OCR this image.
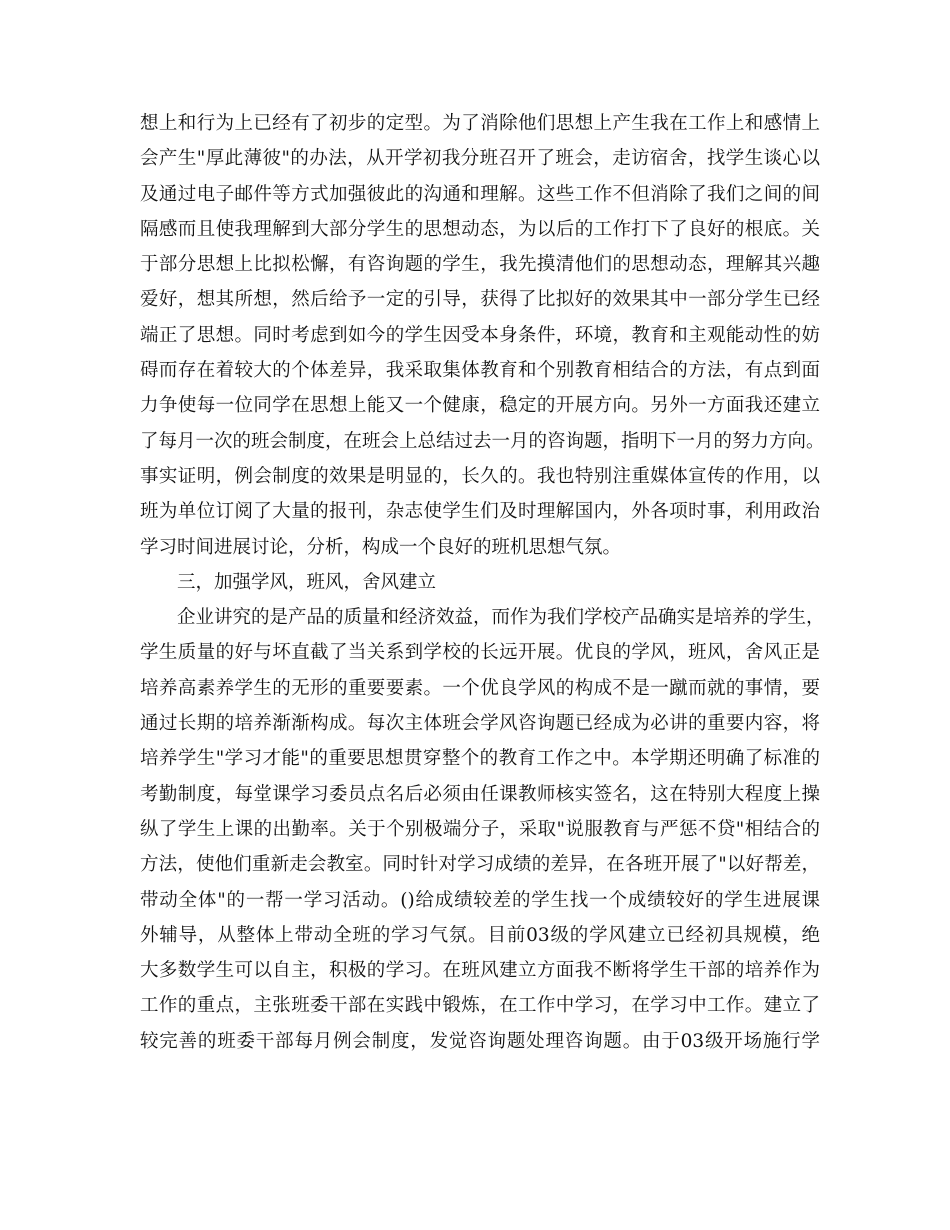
想上和行为上已经有了初步的定型。为了消除他们思想上产生我在工作上和感情上
会产生"厚此薄彼"的办法，从开学初我分班召开了班会，走访宿舍，找学生谈心以
及通过电子邮件等方式加强彼此的沟通和理解。这些工作不但消除了我们之间的间
隔感而且使我理解到大部分学生的思想动态，为以后的工作打下了良好的根底。关
于部分思想上比拟松懈，有咨询题的学生，我先摸清他们的思想动态，理解其兴趣
爱好，想其所想，然后给予一定的引导，获得了比拟好的效果其中一部分学生已经
端正了思想。同时考虑到如今的学生因受本身条件，环境，教育和主观能动性的妨
碍而存在着较大的个体差异，我采取集体教育和个别教育相结合的方法，有点到面
力争使每一位同学在思想上能又一个健康，稳定的开展方向。另外一方面我还建立
了每月一次的班会制度，在班会上总结过去一月的咨询题，指明下一月的努力方向。
事实证明，例会制度的效果是明显的，长久的。我也特别注重媒体宣传的作用，以
班为单位订阅了大量的报刊，杂志使学生们及时理解国内，外各项时事，利用政治
学习时间进展讨论，分析，构成一个良好的班机思想气氛。
三，加强学风，班风，舍风建立
企业讲究的是产品的质量和经济效益，而作为我们学校产品确实是培养的学生，
学生质量的好与坏直截了当关系到学校的长远开展。优良的学风，班风，舍风正是
培养高素养学生的无形的重要要素。一个优良学风的构成不是一蹴而就的事情，要
通过长期的培养渐渐构成。每次主体班会学风咨询题已经成为必讲的重要内容，将
培养学生"学习才能"的重要思想贯穿整个的教育工作之中。本学期还明确了标准的
考勤制度，每堂课学习委员点名后必须由任课教师核实签名，这在特别大程度上操
纵了学生上课的出勤率。关于个别极端分子，采取"说服教育与严惩不贷"相结合的
方法，使他们重新走会教室。同时针对学习成绩的差异，在各班开展了"以好帮差，
带动全体"的一帮一学习活动。()给成绩较差的学生找一个成绩较好的学生进展课
外辅导，从整体上带动全班的学习气氛。目前03级的学风建立已经初具规模，绝
大多数学生可以自主，积极的学习。在班风建立方面我不断将学生干部的培养作为
工作的重点，主张班委干部在实践中锻炼，在工作中学习，在学习中工作。建立了
较完善的班委干部每月例会制度，发觉咨询题处理咨询题。由于03级开场施行学
